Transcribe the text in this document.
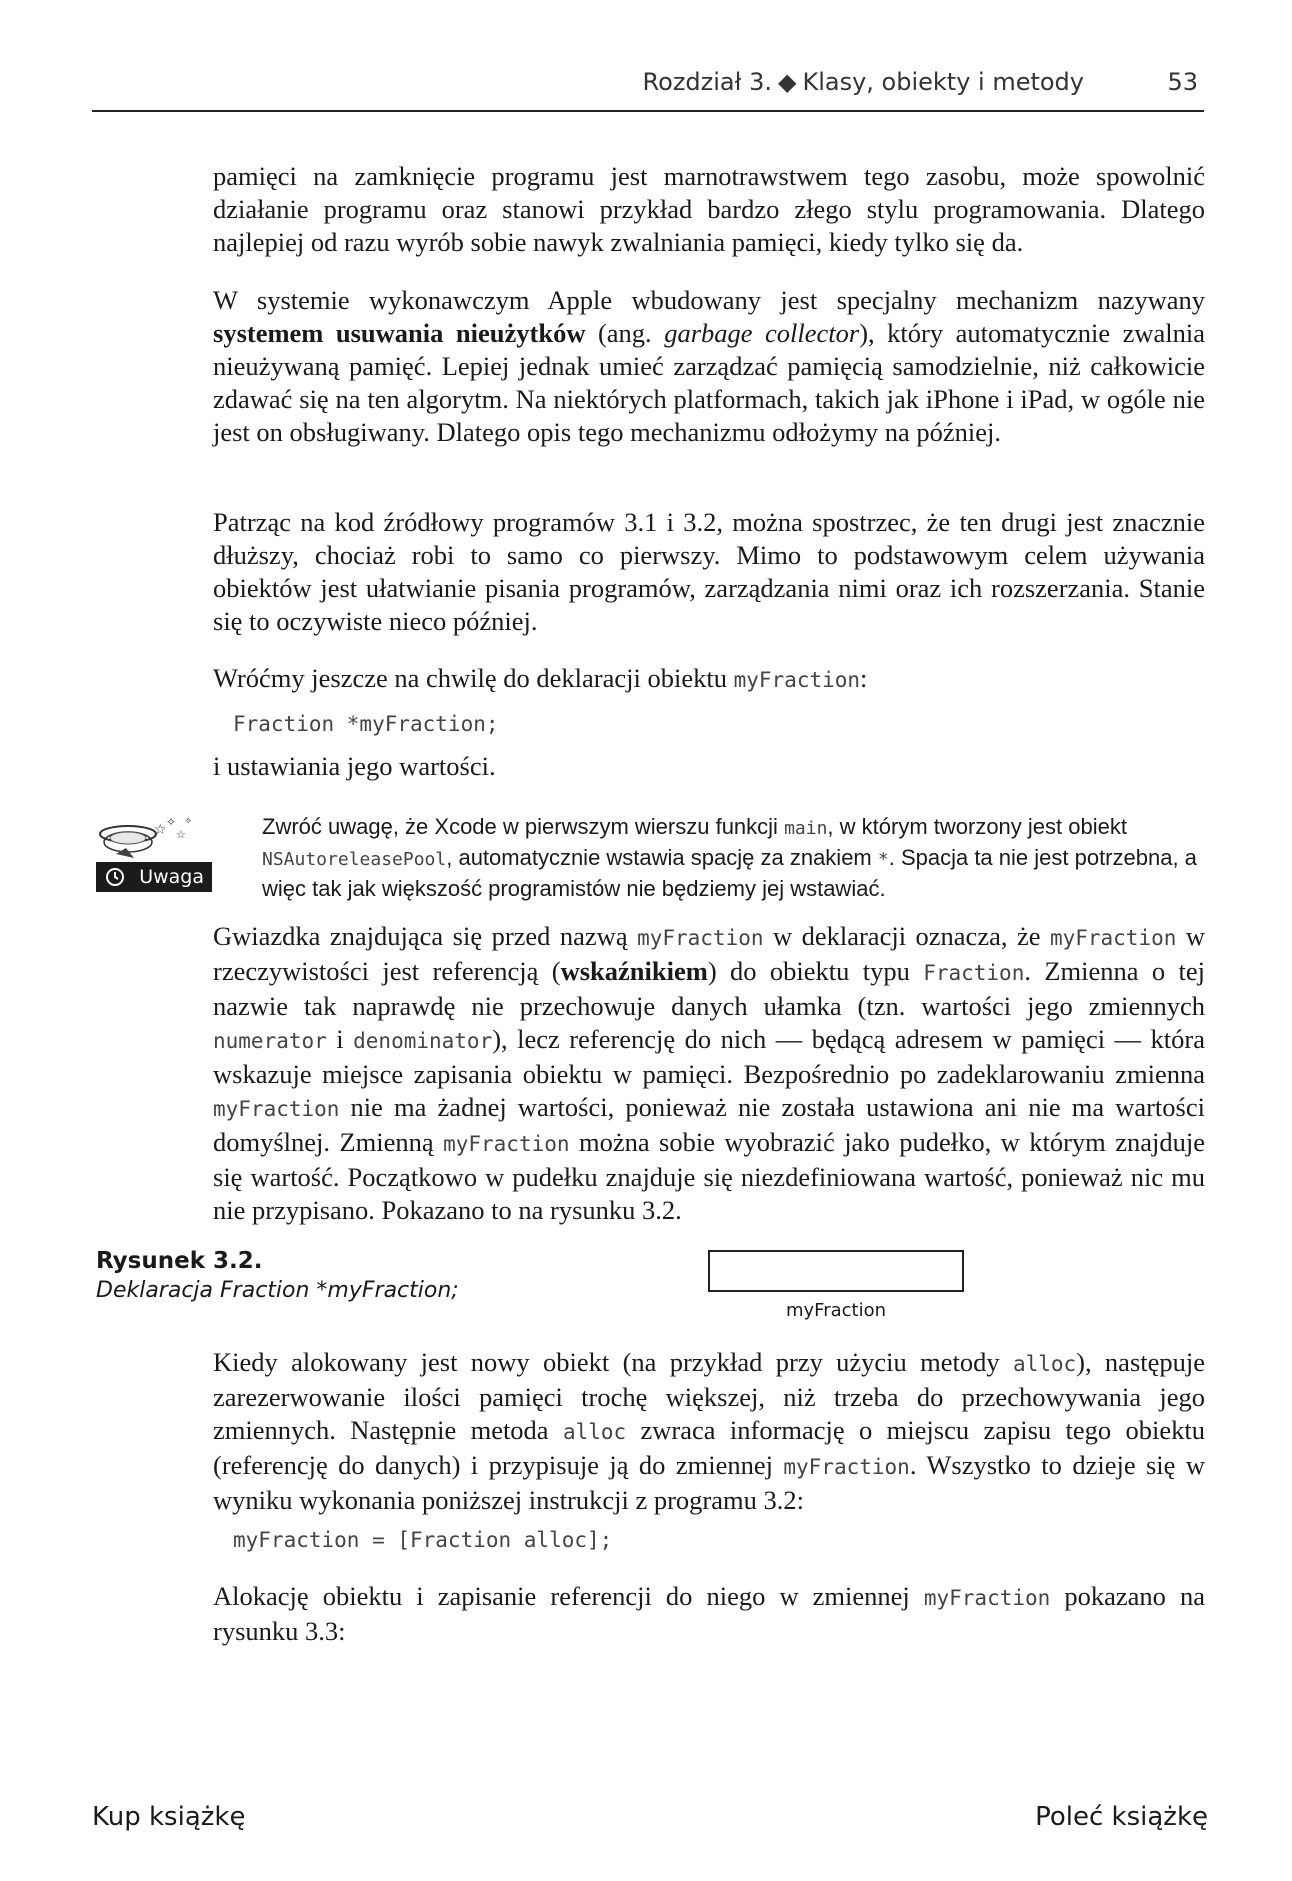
Rozdział 3. ◆ Klasy, obiekty i metody	53

pamięci na zamknięcie programu jest marnotrawstwem tego zasobu, może spowolnić działanie programu oraz stanowi przykład bardzo złego stylu programowania. Dlatego najlepiej od razu wyrób sobie nawyk zwalniania pamięci, kiedy tylko się da.

W systemie wykonawczym Apple wbudowany jest specjalny mechanizm nazywany systemem usuwania nieużytków (ang. garbage collector), który automatycznie zwalnia nieużywaną pamięć. Lepiej jednak umieć zarządzać pamięcią samodzielnie, niż całkowicie zdawać się na ten algorytm. Na niektórych platformach, takich jak iPhone i iPad, w ogóle nie jest on obsługiwany. Dlatego opis tego mechanizmu odłożymy na później.

Patrząc na kod źródłowy programów 3.1 i 3.2, można spostrzec, że ten drugi jest znacznie dłuższy, chociaż robi to samo co pierwszy. Mimo to podstawowym celem używania obiektów jest ułatwianie pisania programów, zarządzania nimi oraz ich rozszerzania. Stanie się to oczywiste nieco później.

Wróćmy jeszcze na chwilę do deklaracji obiektu myFraction:

Fraction *myFraction;

i ustawiania jego wartości.

☆ ✧
☆
✧
Uwaga

Zwróć uwagę, że Xcode w pierwszym wierszu funkcji main, w którym tworzony jest obiekt NSAutoreleasePool, automatycznie wstawia spację za znakiem *. Spacja ta nie jest potrzebna, a więc tak jak większość programistów nie będziemy jej wstawiać.

Gwiazdka znajdująca się przed nazwą myFraction w deklaracji oznacza, że myFraction w rzeczywistości jest referencją (wskaźnikiem) do obiektu typu Fraction. Zmienna o tej nazwie tak naprawdę nie przechowuje danych ułamka (tzn. wartości jego zmiennych numerator i denominator), lecz referencję do nich — będącą adresem w pamięci — która wskazuje miejsce zapisania obiektu w pamięci. Bezpośrednio po zadeklarowaniu zmienna myFraction nie ma żadnej wartości, ponieważ nie została ustawiona ani nie ma wartości domyślnej. Zmienną myFraction można sobie wyobrazić jako pudełko, w którym znajduje się wartość. Początkowo w pudełku znajduje się niezdefiniowana wartość, ponieważ nic mu nie przypisano. Pokazano to na rysunku 3.2.

Rysunek 3.2.
Deklaracja Fraction *myFraction;
myFraction

Kiedy alokowany jest nowy obiekt (na przykład przy użyciu metody alloc), następuje zarezerwowanie ilości pamięci trochę większej, niż trzeba do przechowywania jego zmiennych. Następnie metoda alloc zwraca informację o miejscu zapisu tego obiektu (referencję do danych) i przypisuje ją do zmiennej myFraction. Wszystko to dzieje się w wyniku wykonania poniższej instrukcji z programu 3.2:

myFraction = [Fraction alloc];

Alokację obiektu i zapisanie referencji do niego w zmiennej myFraction pokazano na rysunku 3.3:

Kup książkę	Poleć książkę
